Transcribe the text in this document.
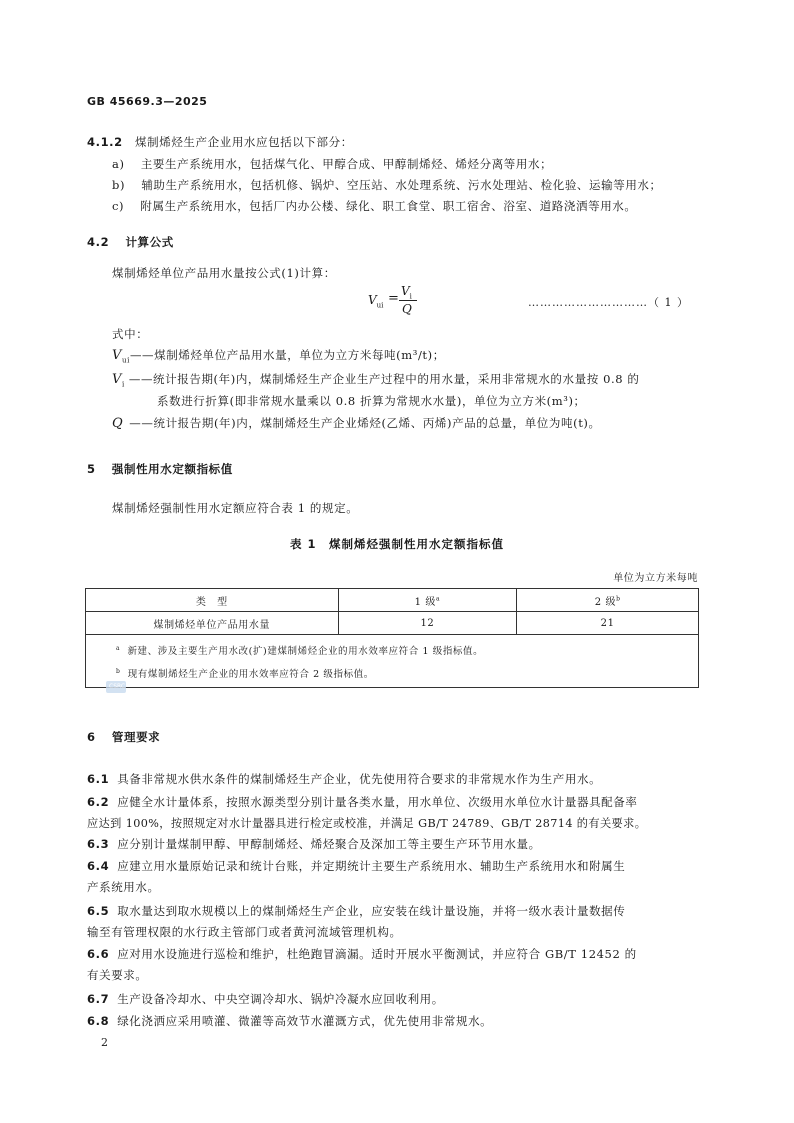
GB 45669.3—2025
4.1.2 煤制烯烃生产企业用水应包括以下部分：
a) 主要生产系统用水，包括煤气化、甲醇合成、甲醇制烯烃、烯烃分离等用水；
b) 辅助生产系统用水，包括机修、锅炉、空压站、水处理系统、污水处理站、检化验、运输等用水；
c) 附属生产系统用水，包括厂内办公楼、绿化、职工食堂、职工宿舍、浴室、道路浇洒等用水。
4.2 计算公式
煤制烯烃单位产品用水量按公式(1)计算：
$V_{ui} = V_i$
Q	…………………………（ 1 ）
式中：
$V_{ui}——$煤制烯烃单位产品用水量，单位为立方米每吨(m³/t)；
$V_i$ ——统计报告期(年)内，煤制烯烃生产企业生产过程中的用水量，采用非常规水的水量按 0.8 的
系数进行折算(即非常规水量乘以 0.8 折算为常规水水量)，单位为立方米(m³)；
Q ——统计报告期(年)内，煤制烯烃生产企业烯烃(乙烯、丙烯)产品的总量，单位为吨(t)。
5 强制性用水定额指标值
煤制烯烃强制性用水定额应符合表 1 的规定。
表 1　煤制烯烃强制性用水定额指标值
单位为立方米每吨
类　型	1 级$^a$	2 级$^b$
煤制烯烃单位产品用水量	12	21

$^a$ 新建、涉及主要生产用水改(扩)建煤制烯烃企业的用水效率应符合 1 级指标值。
$^b$ 现有煤制烯烃生产企业的用水效率应符合 2 级指标值。		
CSRC
6 管理要求
6.1 具备非常规水供水条件的煤制烯烃生产企业，优先使用符合要求的非常规水作为生产用水。
6.2 应健全水计量体系，按照水源类型分别计量各类水量，用水单位、次级用水单位水计量器具配备率
应达到 100%，按照规定对水计量器具进行检定或校准，并满足 GB/T 24789、GB/T 28714 的有关要求。
6.3 应分别计量煤制甲醇、甲醇制烯烃、烯烃聚合及深加工等主要生产环节用水量。
6.4 应建立用水量原始记录和统计台账，并定期统计主要生产系统用水、辅助生产系统用水和附属生
产系统用水。
6.5 取水量达到取水规模以上的煤制烯烃生产企业，应安装在线计量设施，并将一级水表计量数据传
输至有管理权限的水行政主管部门或者黄河流域管理机构。
6.6 应对用水设施进行巡检和维护，杜绝跑冒滴漏。适时开展水平衡测试，并应符合 GB/T 12452 的
有关要求。
6.7 生产设备冷却水、中央空调冷却水、锅炉冷凝水应回收利用。
6.8 绿化浇洒应采用喷灌、微灌等高效节水灌溉方式，优先使用非常规水。
2
